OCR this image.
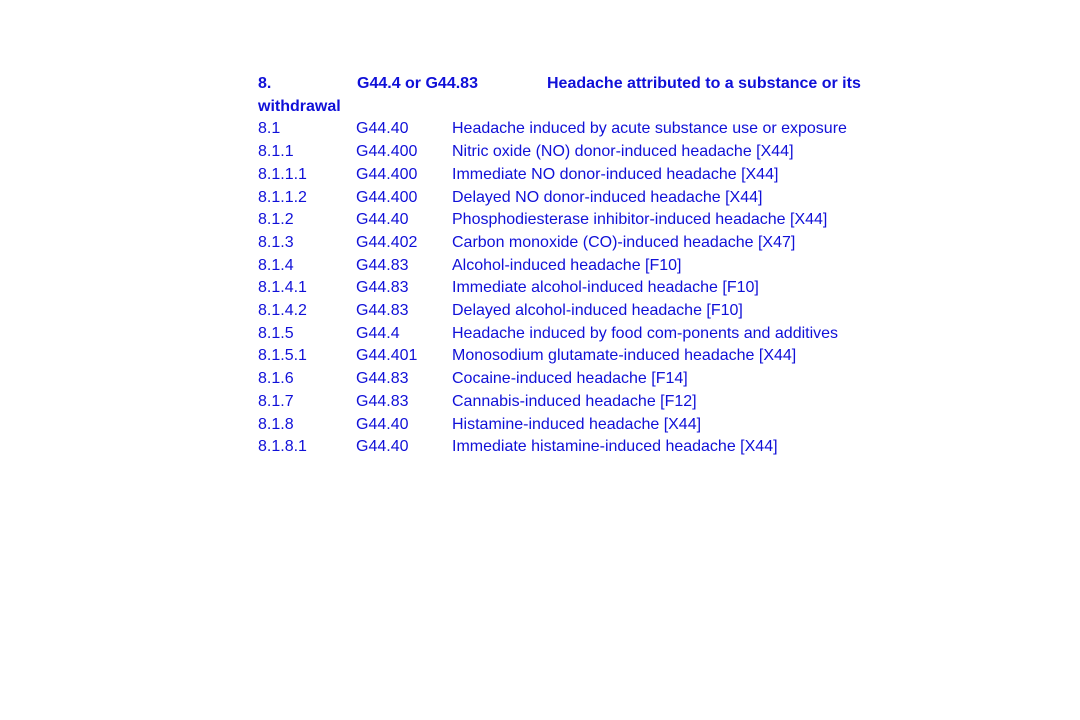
8.	G44.4 or G44.83	Headache attributed to a substance or its withdrawal

8.1	G44.40	Headache induced by acute substance use or exposure

8.1.1	G44.400 Nitric oxide (NO) donor-induced headache [X44]

8.1.1.1	G44.400 Immediate NO donor-induced headache [X44]

8.1.1.2	G44.400 Delayed NO donor-induced headache [X44]

8.1.2	G44.40	Phosphodiesterase inhibitor-induced headache [X44]

8.1.3	G44.402 Carbon monoxide (CO)-induced headache [X47]

8.1.4	G44.83	Alcohol-induced headache [F10]

8.1.4.1	G44.83	Immediate alcohol-induced headache [F10]

8.1.4.2	G44.83	Delayed alcohol-induced headache [F10]

8.1.5	G44.4	Headache induced by food com-ponents and additives

8.1.5.1	G44.401 Monosodium glutamate-induced headache [X44]

8.1.6	G44.83	Cocaine-induced headache [F14]

8.1.7	G44.83	Cannabis-induced headache [F12]

8.1.8	G44.40	Histamine-induced headache [X44]

8.1.8.1	G44.40	Immediate histamine-induced headache [X44]
